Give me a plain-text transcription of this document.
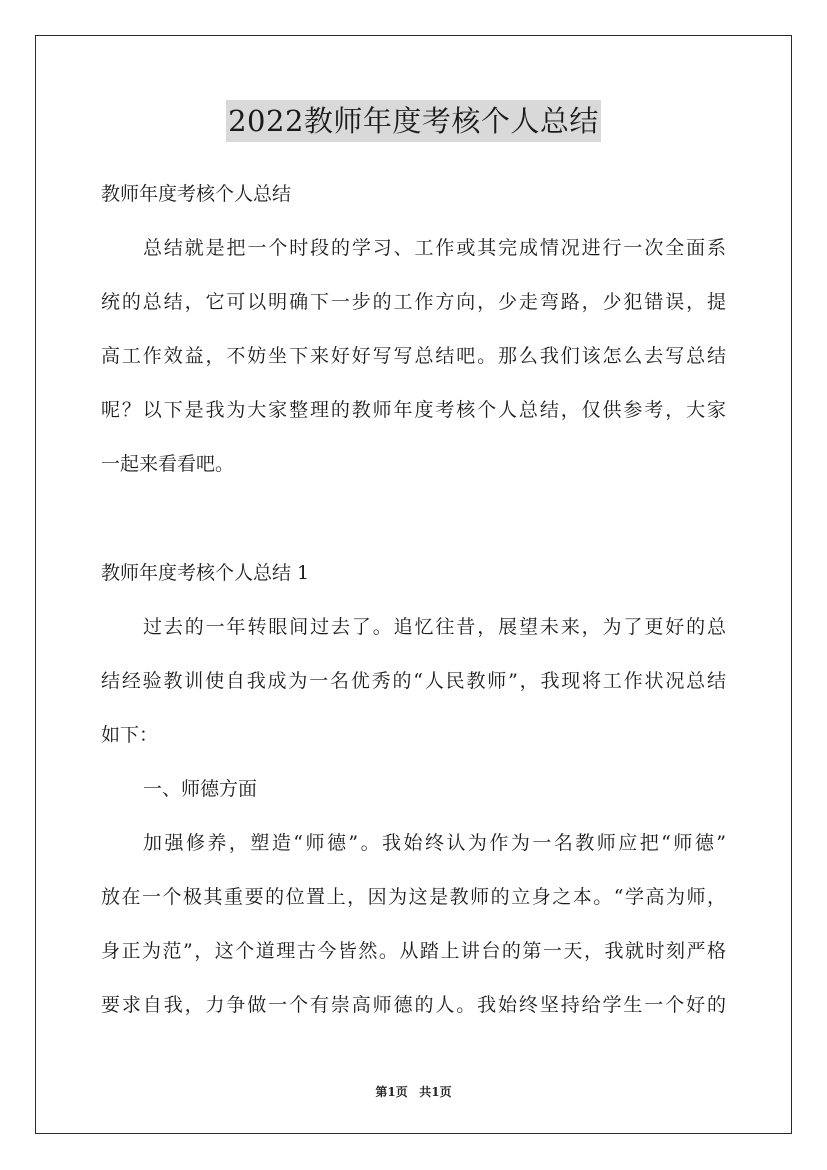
2022教师年度考核个人总结
教师年度考核个人总结
总结就是把一个时段的学习、工作或其完成情况进行一次全面系
统的总结，它可以明确下一步的工作方向，少走弯路，少犯错误，提
高工作效益，不妨坐下来好好写写总结吧。那么我们该怎么去写总结
呢？以下是我为大家整理的教师年度考核个人总结，仅供参考，大家
一起来看看吧。
教师年度考核个人总结 1
过去的一年转眼间过去了。追忆往昔，展望未来，为了更好的总
结经验教训使自我成为一名优秀的“人民教师”，我现将工作状况总结
如下：
一、师德方面
加强修养，塑造“师德”。我始终认为作为一名教师应把“师德”
放在一个极其重要的位置上，因为这是教师的立身之本。“学高为师，
身正为范”，这个道理古今皆然。从踏上讲台的第一天，我就时刻严格
要求自我，力争做一个有崇高师德的人。我始终坚持给学生一个好的
第1页 共1页
